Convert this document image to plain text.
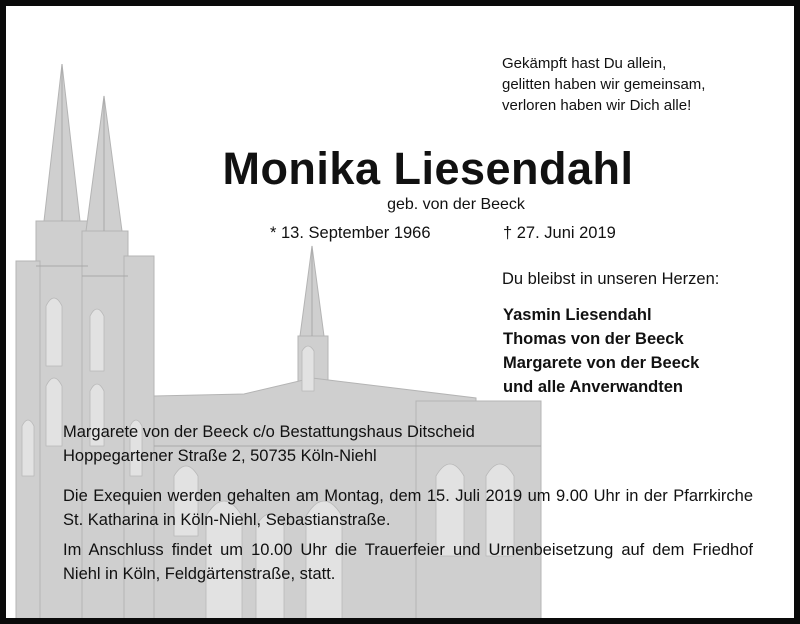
Gekämpft hast Du allein,
gelitten haben wir gemeinsam,
verloren haben wir Dich alle!
Monika Liesendahl
geb. von der Beeck
* 13. September 1966	† 27. Juni 2019
Du bleibst in unseren Herzen:
Yasmin Liesendahl
Thomas von der Beeck
Margarete von der Beeck
und alle Anverwandten
Margarete von der Beeck c/o Bestattungshaus Ditscheid
Hoppegartener Straße 2, 50735 Köln-Niehl

Die Exequien werden gehalten am Montag, dem 15. Juli 2019 um 9.00 Uhr in der Pfarrkirche St. Katharina in Köln-Niehl, Sebastianstraße.

Im Anschluss findet um 10.00 Uhr die Trauerfeier und Urnenbeisetzung auf dem Friedhof Niehl in Köln, Feldgärtenstraße, statt.
